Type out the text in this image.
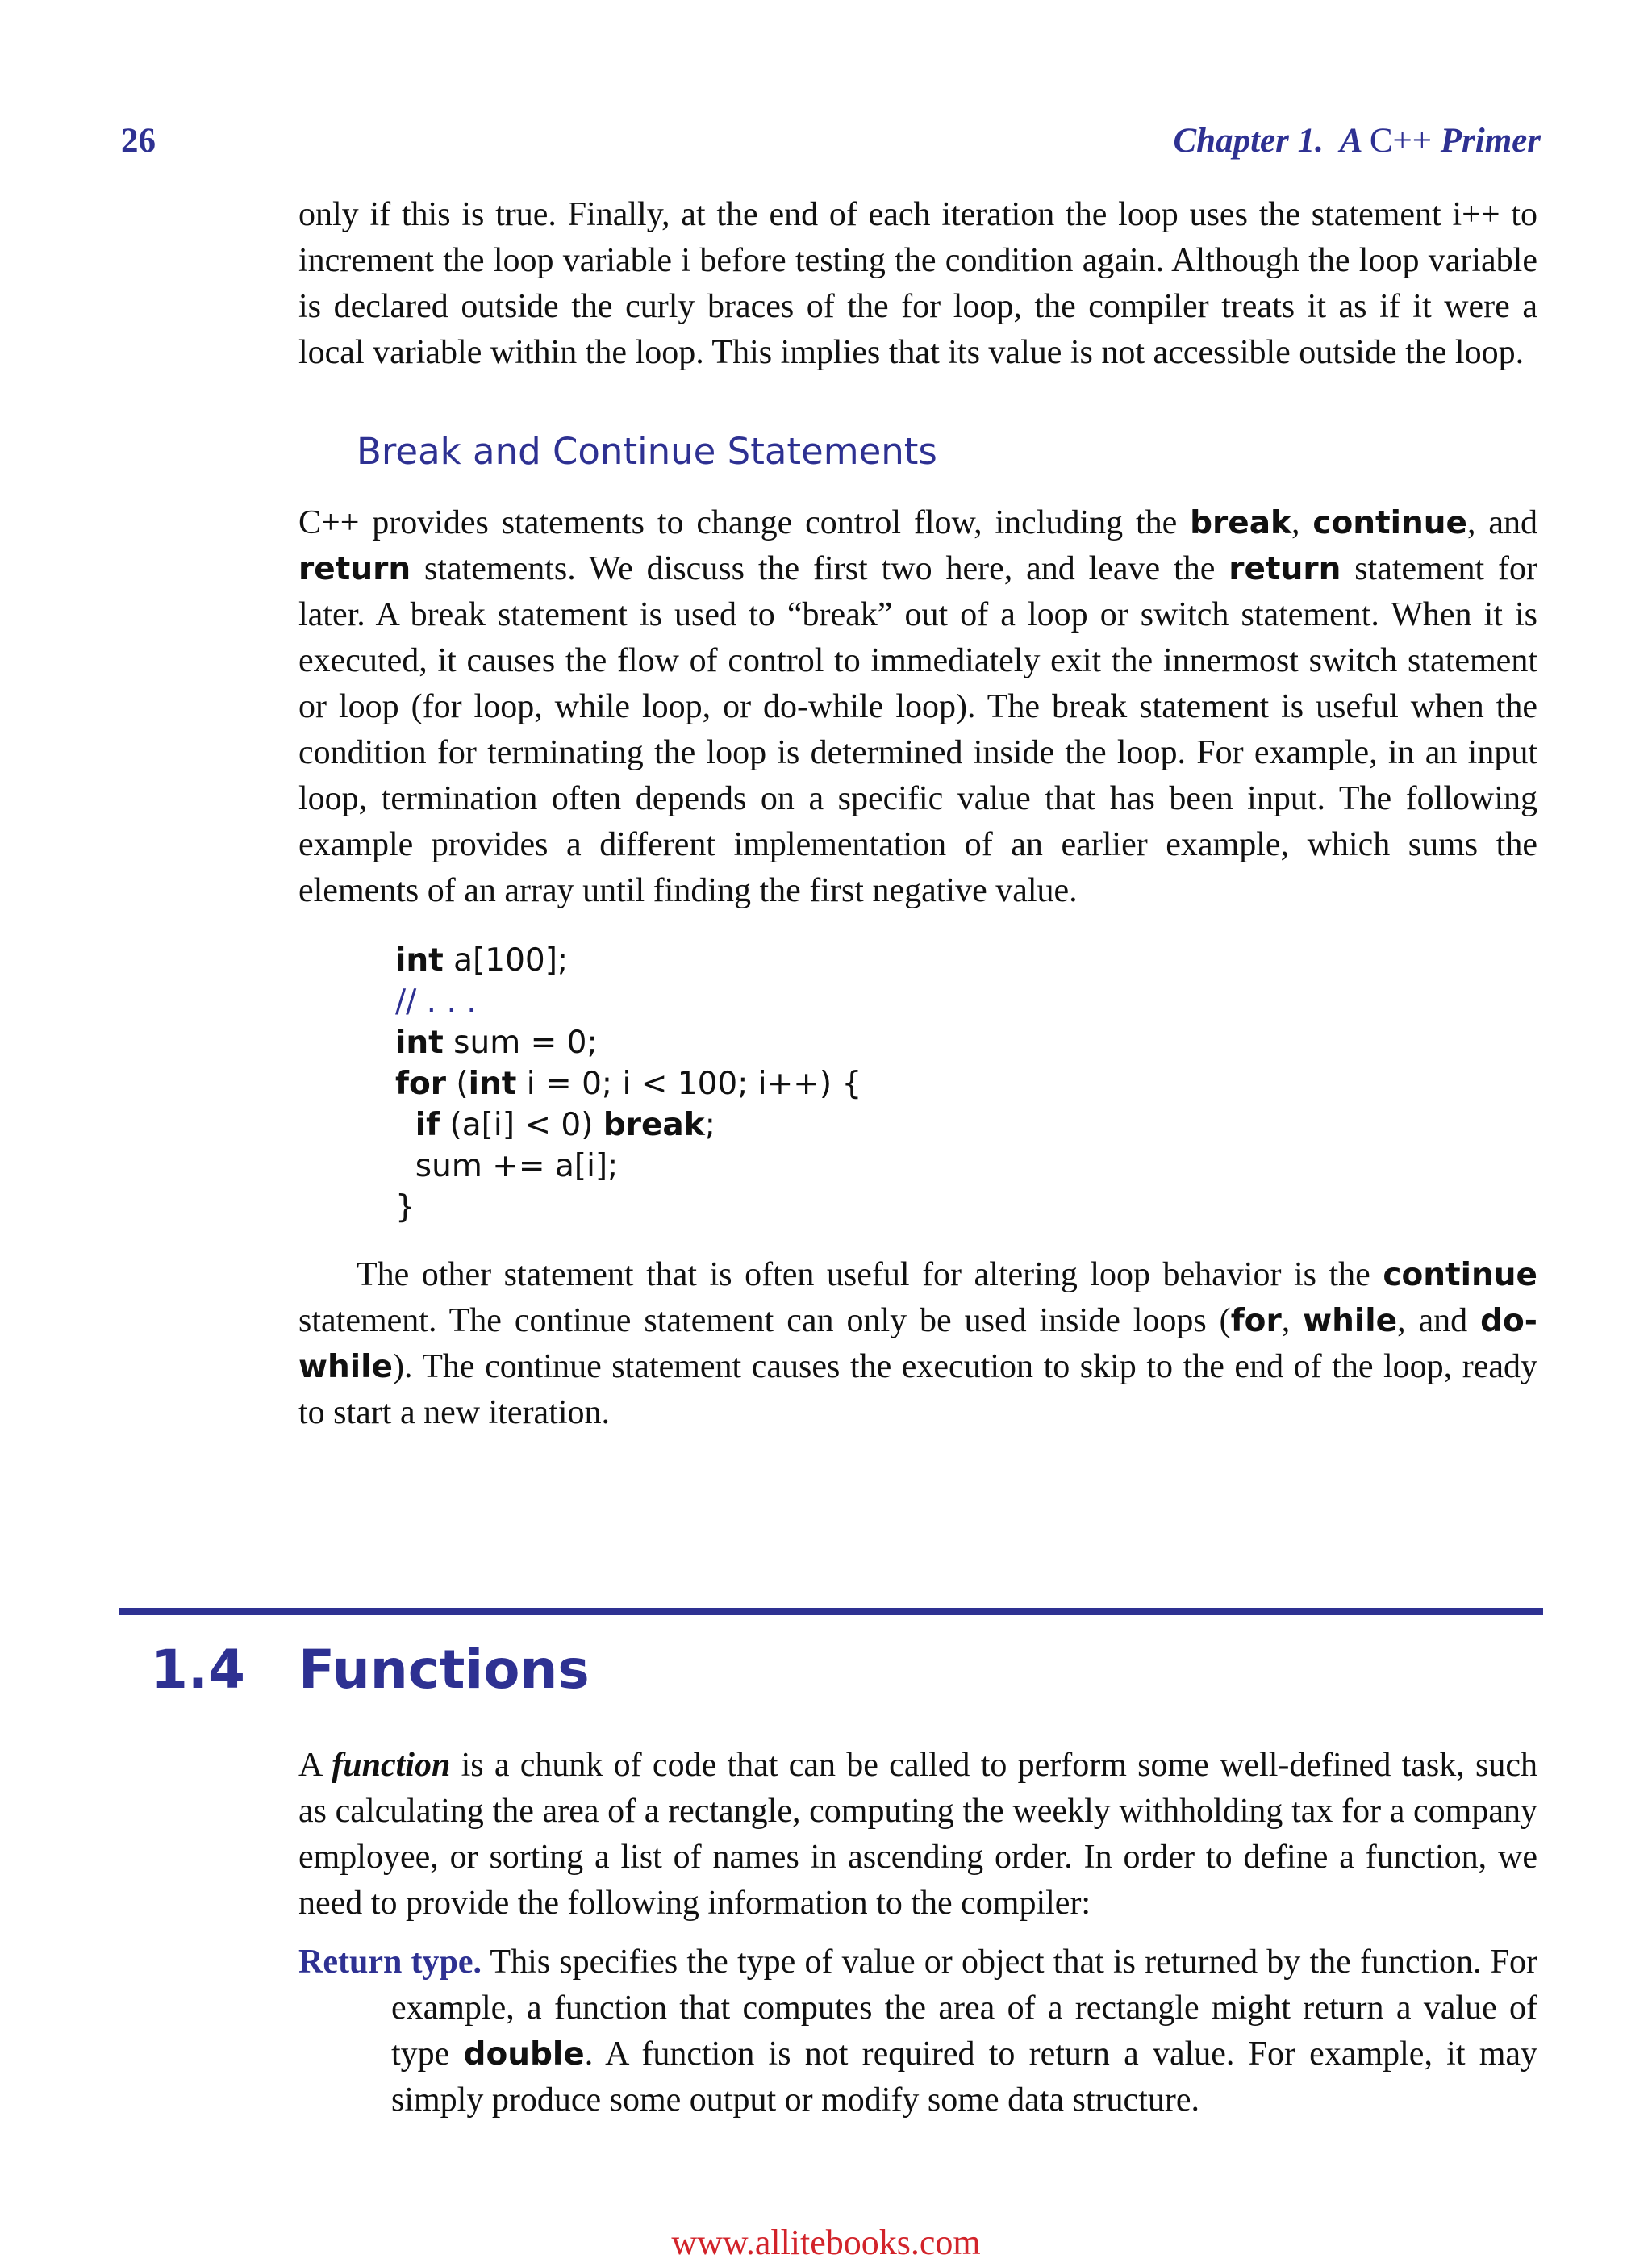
26	Chapter 1. A C++ Primer

only if this is true. Finally, at the end of each iteration the loop uses the statement i++ to increment the loop variable i before testing the condition again. Although the loop variable is declared outside the curly braces of the for loop, the compiler treats it as if it were a local variable within the loop. This implies that its value is not accessible outside the loop.

Break and Continue Statements

C++ provides statements to change control flow, including the break, continue, and return statements. We discuss the first two here, and leave the return statement for later. A break statement is used to “break” out of a loop or switch statement. When it is executed, it causes the flow of control to immediately exit the innermost switch statement or loop (for loop, while loop, or do-while loop). The break statement is useful when the condition for terminating the loop is determined inside the loop. For example, in an input loop, termination often depends on a specific value that has been input. The following example provides a different implementation of an earlier example, which sums the elements of an array until finding the first negative value.

int a[100];
// . . .
int sum = 0;
for (int i = 0; i < 100; i++) {
if (a[i] < 0) break;
sum += a[i];
}

The other statement that is often useful for altering loop behavior is the continue statement. The continue statement can only be used inside loops (for, while, and do-while). The continue statement causes the execution to skip to the end of the loop, ready to start a new iteration.

1.4 Functions

A function is a chunk of code that can be called to perform some well-defined task, such as calculating the area of a rectangle, computing the weekly withholding tax for a company employee, or sorting a list of names in ascending order. In order to define a function, we need to provide the following information to the compiler:

Return type. This specifies the type of value or object that is returned by the function. For example, a function that computes the area of a rectangle might return a value of type double. A function is not required to return a value. For example, it may simply produce some output or modify some data structure.
www.allitebooks.com
